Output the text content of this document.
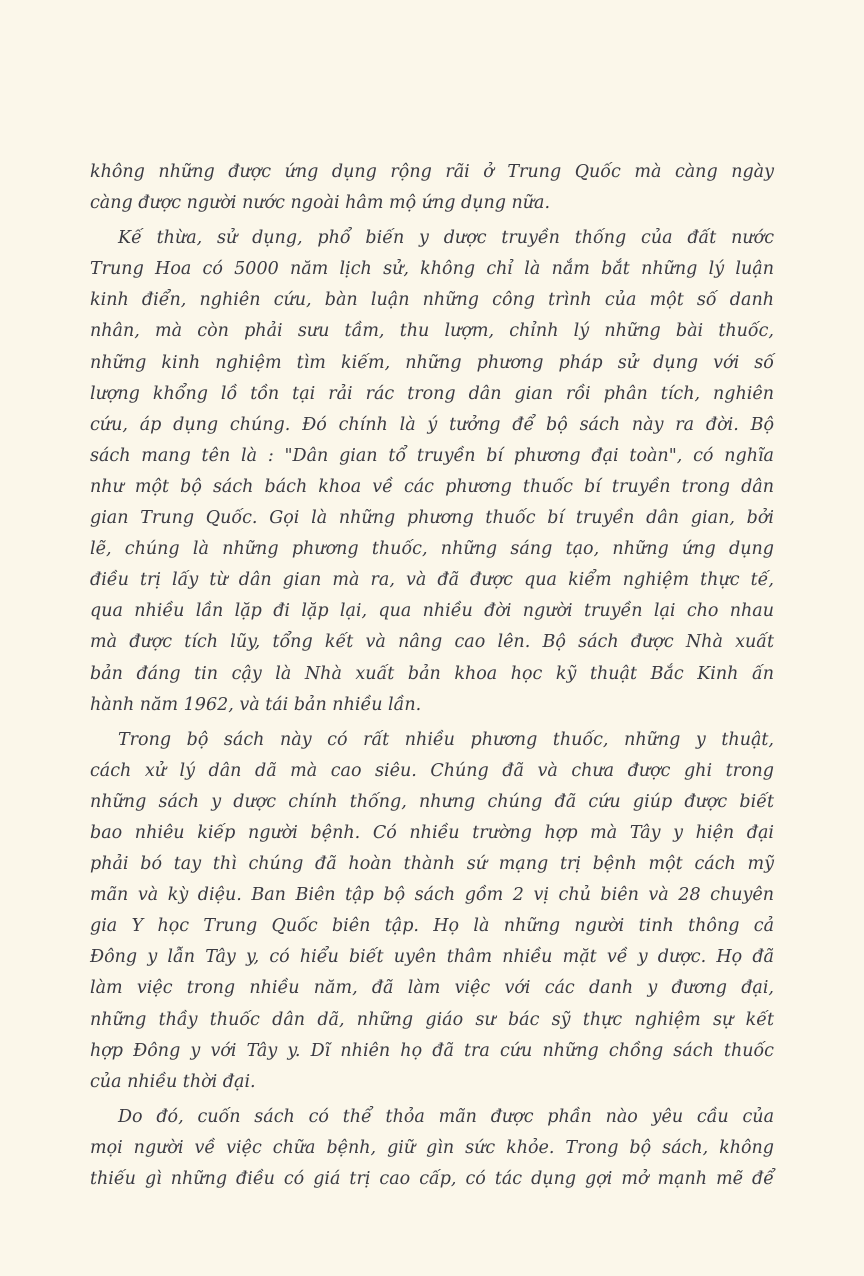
không những được ứng dụng rộng rãi ở Trung Quốc mà càng ngày
càng được người nước ngoài hâm mộ ứng dụng nữa.
Kế thừa, sử dụng, phổ biến y dược truyền thống của đất nước
Trung Hoa có 5000 năm lịch sử, không chỉ là nắm bắt những lý luận
kinh điển, nghiên cứu, bàn luận những công trình của một số danh
nhân, mà còn phải sưu tầm, thu lượm, chỉnh lý những bài thuốc,
những kinh nghiệm tìm kiếm, những phương pháp sử dụng với số
lượng khổng lồ tồn tại rải rác trong dân gian rồi phân tích, nghiên
cứu, áp dụng chúng. Đó chính là ý tưởng để bộ sách này ra đời. Bộ
sách mang tên là : "Dân gian tổ truyền bí phương đại toàn", có nghĩa
như một bộ sách bách khoa về các phương thuốc bí truyền trong dân
gian Trung Quốc. Gọi là những phương thuốc bí truyền dân gian, bởi
lẽ, chúng là những phương thuốc, những sáng tạo, những ứng dụng
điều trị lấy từ dân gian mà ra, và đã được qua kiểm nghiệm thực tế,
qua nhiều lần lặp đi lặp lại, qua nhiều đời người truyền lại cho nhau
mà được tích lũy, tổng kết và nâng cao lên. Bộ sách được Nhà xuất
bản đáng tin cậy là Nhà xuất bản khoa học kỹ thuật Bắc Kinh ấn
hành năm 1962, và tái bản nhiều lần.
Trong bộ sách này có rất nhiều phương thuốc, những y thuật,
cách xử lý dân dã mà cao siêu. Chúng đã và chưa được ghi trong
những sách y dược chính thống, nhưng chúng đã cứu giúp được biết
bao nhiêu kiếp người bệnh. Có nhiều trường hợp mà Tây y hiện đại
phải bó tay thì chúng đã hoàn thành sứ mạng trị bệnh một cách mỹ
mãn và kỳ diệu. Ban Biên tập bộ sách gồm 2 vị chủ biên và 28 chuyên
gia Y học Trung Quốc biên tập. Họ là những người tinh thông cả
Đông y lẫn Tây y, có hiểu biết uyên thâm nhiều mặt về y dược. Họ đã
làm việc trong nhiều năm, đã làm việc với các danh y đương đại,
những thầy thuốc dân dã, những giáo sư bác sỹ thực nghiệm sự kết
hợp Đông y với Tây y. Dĩ nhiên họ đã tra cứu những chồng sách thuốc
của nhiều thời đại.
Do đó, cuốn sách có thể thỏa mãn được phần nào yêu cầu của
mọi người về việc chữa bệnh, giữ gìn sức khỏe. Trong bộ sách, không
thiếu gì những điều có giá trị cao cấp, có tác dụng gợi mở mạnh mẽ để
